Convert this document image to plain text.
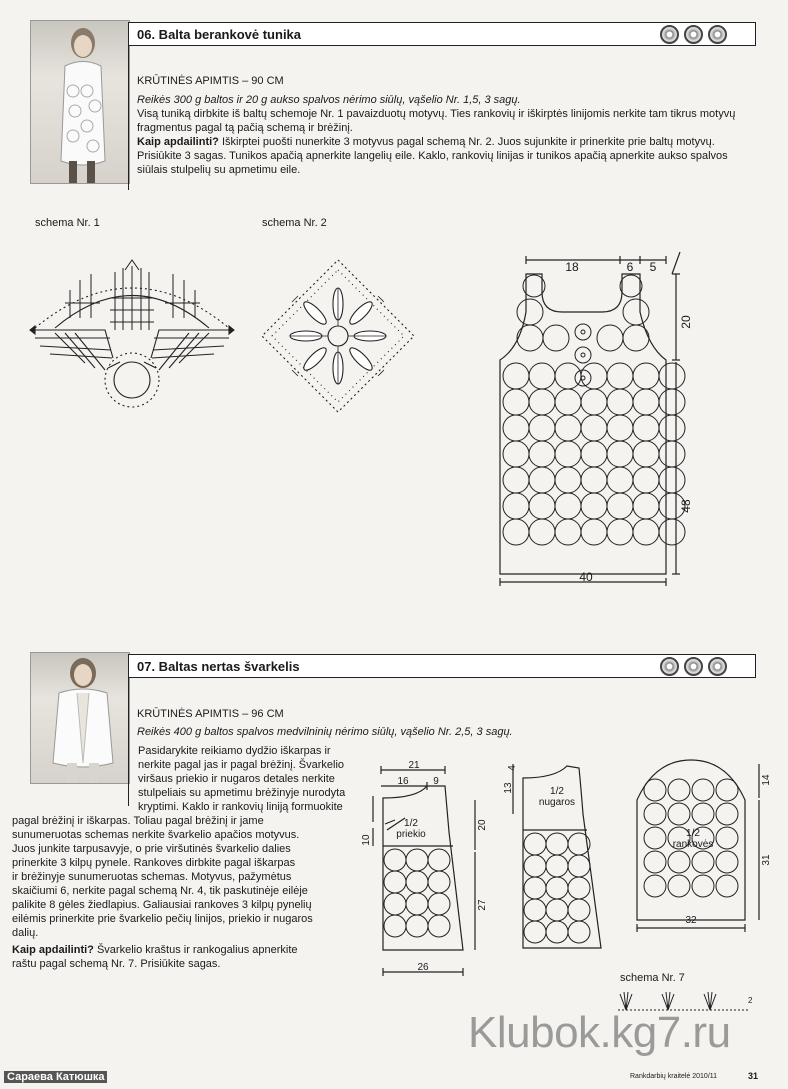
06. Balta berankovė tunika
KRŪTINĖS APIMTIS – 90 CM
Reikės 300 g baltos ir 20 g aukso spalvos nėrimo siūlų, vąšelio Nr. 1,5, 3 sagų.
Visą tuniką dirbkite iš baltų schemoje Nr. 1 pavaizduotų motyvų. Ties rankovių ir iškirptės linijomis nerkite tam tikrus motyvų fragmentus pagal tą pačią schemą ir brėžinį.
Kaip apdailinti? Iškirptei puošti nunerkite 3 motyvus pagal schemą Nr. 2. Juos sujunkite ir prinerkite prie baltų motyvų. Prisiūkite 3 sagas. Tunikos apačią apnerkite langelių eile. Kaklo, rankovių linijas ir tunikos apačią apnerkite aukso spalvos siūlais stulpelių su apmetimu eile.
schema Nr. 1	schema Nr. 2
18	6 5
20
48
40
07. Baltas nertas švarkelis
KRŪTINĖS APIMTIS – 96 CM
Reikės 400 g baltos spalvos medvilninių nėrimo siūlų, vąšelio Nr. 2,5, 3 sagų.
Pasidarykite reikiamo dydžio iškarpas ir
nerkite pagal jas ir pagal brėžinį. Švarkelio
viršaus priekio ir nugaros detales nerkite
stulpeliais su apmetimu brėžinyje nurodyta
kryptimi. Kaklo ir rankovių liniją formuokite
pagal brėžinį ir iškarpas. Toliau pagal brėžinį ir jame
sunumeruotas schemas nerkite švarkelio apačios motyvus.
Juos junkite tarpusavyje, o prie viršutinės švarkelio dalies
prinerkite 3 kilpų pynele. Rankoves dirbkite pagal iškarpas
ir brėžinyje sunumeruotas schemas. Motyvus, pažymėtus
skaičiumi 6, nerkite pagal schemą Nr. 4, tik paskutinėje eilėje
palikite 8 gėles žiedlapius. Galiausiai rankoves 3 kilpų pynelių
eilėmis prinerkite prie švarkelio pečių linijos, priekio ir nugaros
dalių.
Kaip apdailinti? Švarkelio kraštus ir rankogalius apnerkite
raštu pagal schemą Nr. 7. Prisiūkite sagas.
21
16 9
10
20
27
26
1/2
priekio
13
4
1/2
nugaros
14
31
32
1/2
rankovės
schema Nr. 7
2
Klubok.kg7.ru
Сараева Катюшка	Rankdarbių kraitelė 2010/11	31
